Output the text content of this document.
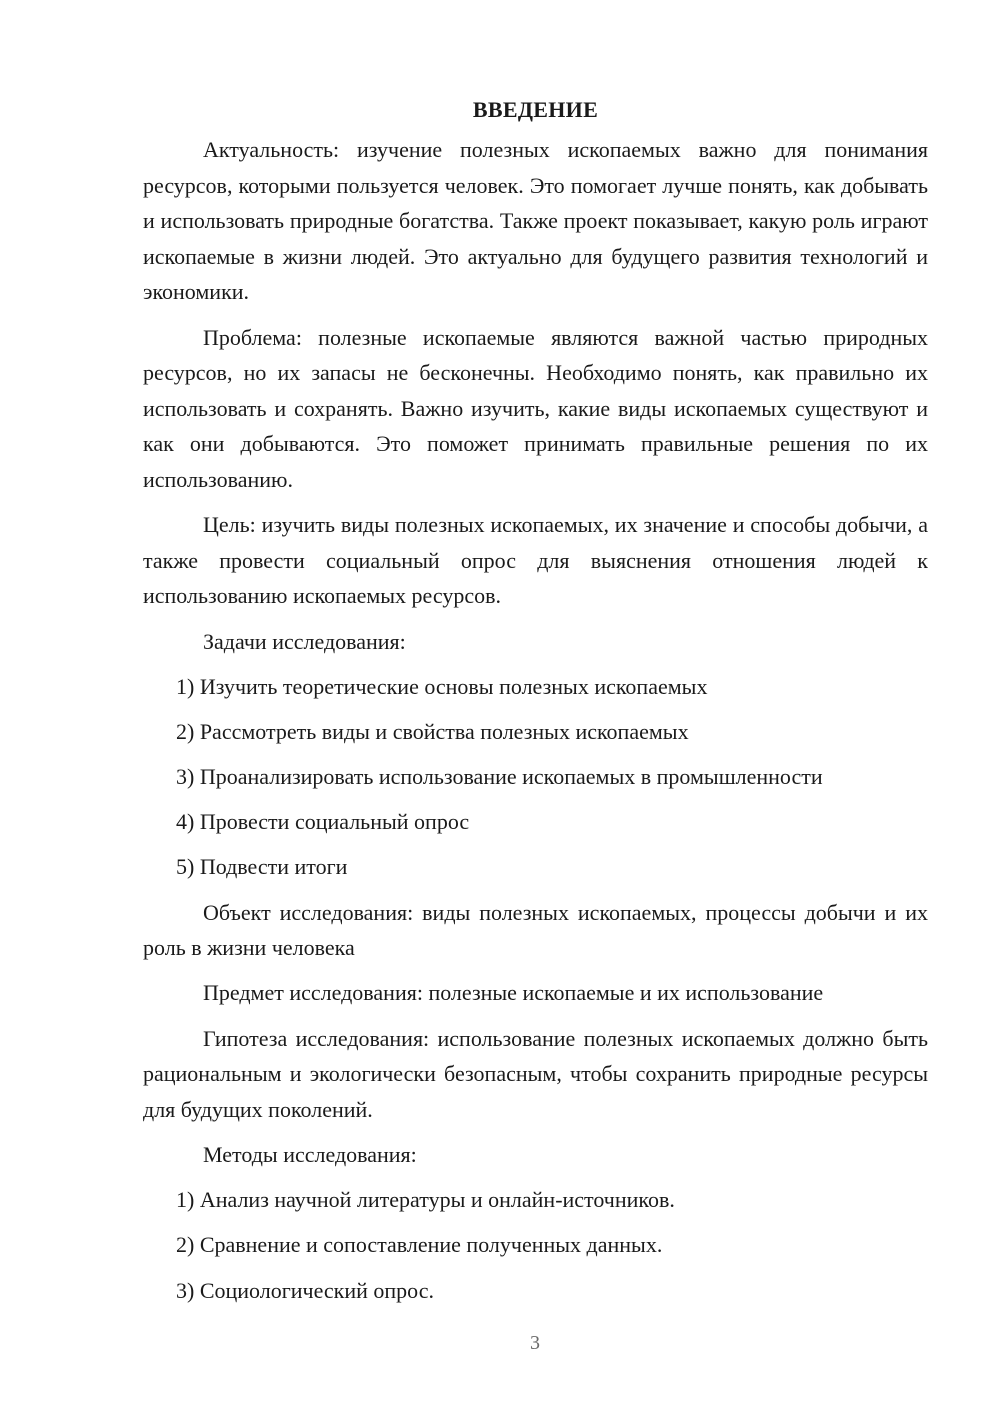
ВВЕДЕНИЕ

Актуальность: изучение полезных ископаемых важно для понимания ресурсов, которыми пользуется человек. Это помогает лучше понять, как добывать и использовать природные богатства. Также проект показывает, какую роль играют ископаемые в жизни людей. Это актуально для будущего развития технологий и экономики.

Проблема: полезные ископаемые являются важной частью природных ресурсов, но их запасы не бесконечны. Необходимо понять, как правильно их использовать и сохранять. Важно изучить, какие виды ископаемых существуют и как они добываются. Это поможет принимать правильные решения по их использованию.

Цель: изучить виды полезных ископаемых, их значение и способы добычи, а также провести социальный опрос для выяснения отношения людей к использованию ископаемых ресурсов.

Задачи исследования:

1) Изучить теоретические основы полезных ископаемых

2) Рассмотреть виды и свойства полезных ископаемых

3) Проанализировать использование ископаемых в промышленности

4) Провести социальный опрос

5) Подвести итоги

Объект исследования: виды полезных ископаемых, процессы добычи и их роль в жизни человека

Предмет исследования: полезные ископаемые и их использование

Гипотеза исследования: использование полезных ископаемых должно быть рациональным и экологически безопасным, чтобы сохранить природные ресурсы для будущих поколений.

Методы исследования:

1) Анализ научной литературы и онлайн-источников.

2) Сравнение и сопоставление полученных данных.

3) Социологический опрос.

3
